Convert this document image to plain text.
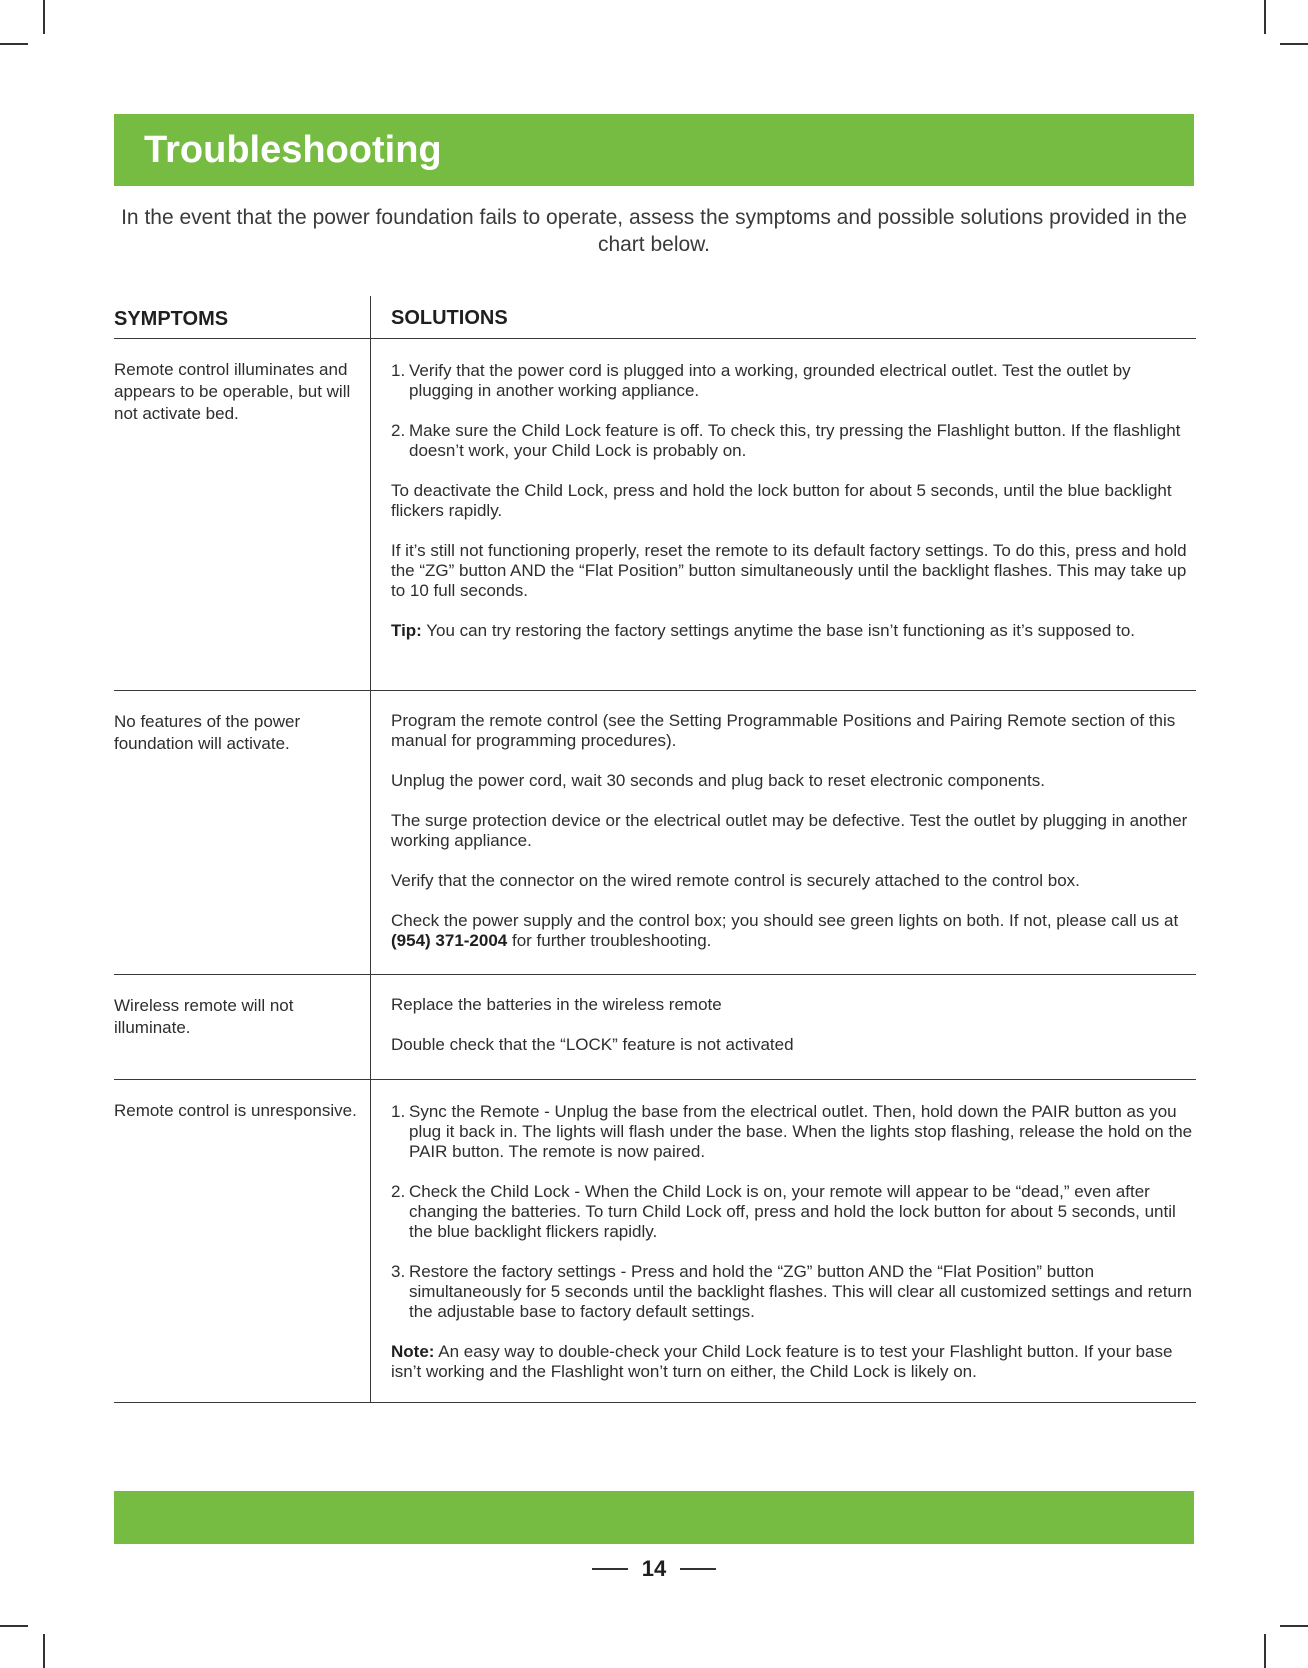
Troubleshooting
In the event that the power foundation fails to operate, assess the symptoms and possible solutions provided in the chart below.
SYMPTOMS	SOLUTIONS
Remote control illuminates and appears to be operable, but will not activate bed.
1. Verify that the power cord is plugged into a working, grounded electrical outlet. Test the outlet by plugging in another working appliance.
2. Make sure the Child Lock feature is off. To check this, try pressing the Flashlight button. If the flashlight doesn’t work, your Child Lock is probably on.
To deactivate the Child Lock, press and hold the lock button for about 5 seconds, until the blue backlight flickers rapidly.
If it’s still not functioning properly, reset the remote to its default factory settings. To do this, press and hold the “ZG” button AND the “Flat Position” button simultaneously until the backlight flashes. This may take up to 10 full seconds.
Tip: You can try restoring the factory settings anytime the base isn’t functioning as it’s supposed to.
No features of the power foundation will activate.
Program the remote control (see the Setting Programmable Positions and Pairing Remote section of this manual for programming procedures).
Unplug the power cord, wait 30 seconds and plug back to reset electronic components.
The surge protection device or the electrical outlet may be defective. Test the outlet by plugging in another working appliance.
Verify that the connector on the wired remote control is securely attached to the control box.
Check the power supply and the control box; you should see green lights on both. If not, please call us at (954) 371-2004 for further troubleshooting.
Wireless remote will not illuminate.
Replace the batteries in the wireless remote
Double check that the “LOCK” feature is not activated
Remote control is unresponsive.	1. Sync the Remote - Unplug the base from the electrical outlet. Then, hold down the PAIR button as you plug it back in. The lights will flash under the base. When the lights stop flashing, release the hold on the PAIR button. The remote is now paired.
2. Check the Child Lock - When the Child Lock is on, your remote will appear to be “dead,” even after changing the batteries. To turn Child Lock off, press and hold the lock button for about 5 seconds, until the blue backlight flickers rapidly.
3. Restore the factory settings - Press and hold the “ZG” button AND the “Flat Position” button simultaneously for 5 seconds until the backlight flashes. This will clear all customized settings and return the adjustable base to factory default settings.
Note: An easy way to double-check your Child Lock feature is to test your Flashlight button. If your base isn’t working and the Flashlight won’t turn on either, the Child Lock is likely on.
14
